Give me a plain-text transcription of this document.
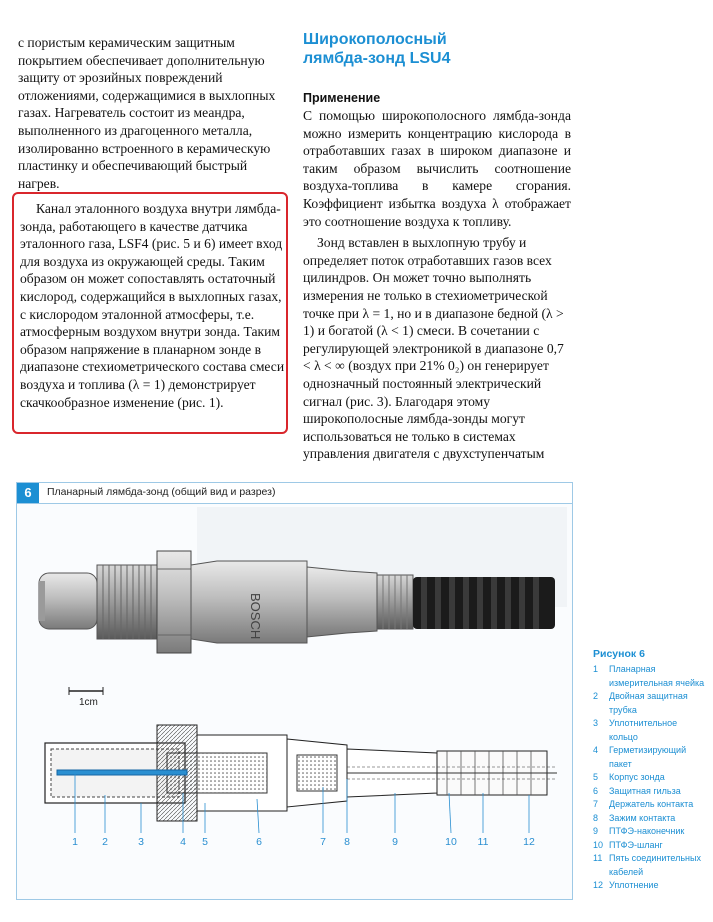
с пористым керамическим защитным покрытием обеспечивает дополнительную защиту от эрозийных повреждений отложениями, содержащимися в выхлопных газах. Нагреватель состоит из меандра, выполненного из драгоценного металла, изолированно встроенного в керамическую пластинку и обеспечивающий быстрый нагрев.

Канал эталонного воздуха внутри лямбда-зонда, работающего в качестве датчика эталонного газа, LSF4 (рис. 5 и 6) имеет вход для воздуха из окружающей среды. Таким образом он может сопоставлять остаточный кислород, содержащийся в выхлопных газах, с кислородом эталонной атмосферы, т.е. атмосферным воздухом внутри зонда. Таким образом напряжение в планарном зонде в диапазоне стехиометрического состава смеси воздуха и топлива (λ = 1) демонстрирует скачкообразное изменение (рис. 1).

Широкополосный
лямбда-зонд LSU4
Применение

С помощью широкополосного лямбда-зонда можно измерить концентрацию кислорода в отработавших газах в широком диапазоне и таким образом вычислить соотношение воздуха-топлива в камере сгорания. Коэффициент избытка воздуха λ отображает это соотношение воздуха к топливу.

Зонд вставлен в выхлопную трубу и определяет поток отработавших газов всех цилиндров. Он может точно выполнять измерения не только в стехиометрической точке при λ = 1, но и в диапазоне бедной (λ > 1) и богатой (λ < 1) смеси. В сочетании с регулирующей электроникой в диапазоне 0,7 < λ < ∞ (воздух при 21% 0₂) он генерирует однозначный постоянный электрический сигнал (рис. 3). Благодаря этому широкополосные лямбда-зонды могут использоваться не только в системах управления двигателя с двухступенчатым

6	Планарный лямбда-зонд (общий вид и разрез)
BOSCH
1cm
1 2	3	4 5	6	7 8	9	10 11	12
Рисунок 6
1	Планарная измерительная ячейка
2	Двойная защитная трубка
3	Уплотнительное кольцо
4	Герметизирующий пакет
5	Корпус зонда
6	Защитная гильза
7	Держатель контакта
8	Зажим контакта
9	ПТФЭ-наконечник
10 ПТФЭ-шланг
11 Пять соединительных кабелей
12 Уплотнение
